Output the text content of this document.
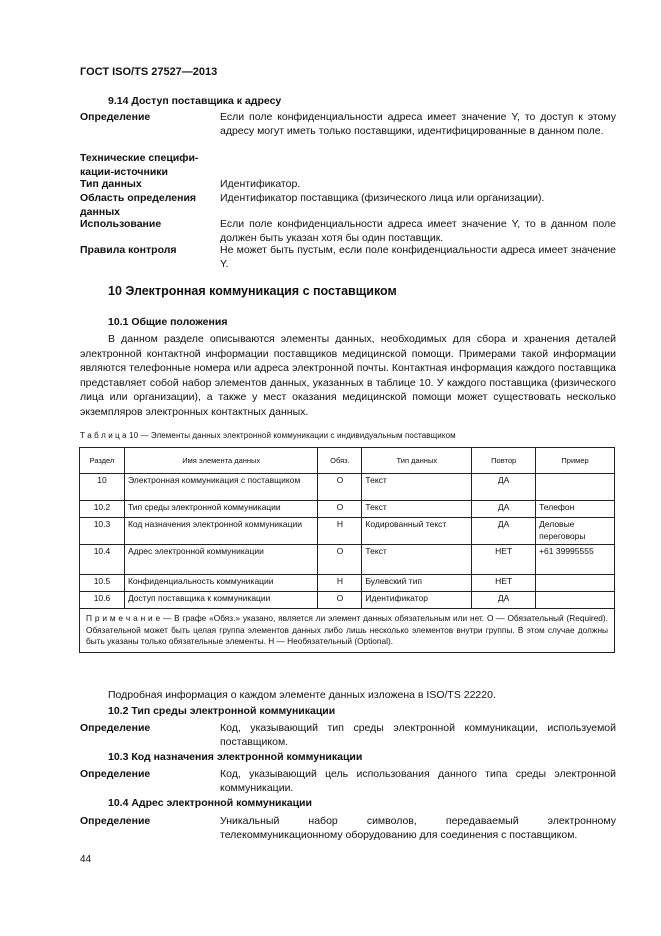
ГОСТ ISO/TS 27527—2013
9.14 Доступ поставщика к адресу
Определение	Если поле конфиденциальности адреса имеет значение Y, то доступ к этому адресу могут иметь только поставщики, идентифицированные в данном поле.
Технические специфи-кации-источники
Тип данных	Идентификатор.
Область определения данных
Идентификатор поставщика (физического лица или организации).
Использование	Если поле конфиденциальности адреса имеет значение Y, то в данном поле должен быть указан хотя бы один поставщик.
Правила контроля	Не может быть пустым, если поле конфиденциальности адреса имеет значение Y.
10 Электронная коммуникация с поставщиком
10.1 Общие положения
В данном разделе описываются элементы данных, необходимых для сбора и хранения деталей электронной контактной информации поставщиков медицинской помощи. Примерами такой информации являются телефонные номера или адреса электронной почты. Контактная информация каждого поставщика представляет собой набор элементов данных, указанных в таблице 10. У каждого поставщика (физического лица или организации), а также у мест оказания медицинской помощи может существовать несколько экземпляров электронных контактных данных.
Т а б л и ц а 10 — Элементы данных электронной коммуникации с индивидуальным поставщиком
Раздел	Имя элемента данных	Обяз.	Тип данных	Повтор	Пример
10	Электронная коммуникация с поставщиком	О	Текст	ДА	
10.2	Тип среды электронной коммуникации	О	Текст	ДА	Телефон
10.3	Код назначения электронной коммуникации	Н	Кодированный текст	ДА	Деловые переговоры
10.4	Адрес электронной коммуникации	О	Текст	НЕТ	+61 39995555
10.5	Конфиденциальность коммуникации	Н	Булевский тип	НЕТ	
10.6	Доступ поставщика к коммуникации	О	Идентификатор	ДА	
П р и м е ч а н и е — В графе «Обяз.» указано, является ли элемент данных обязательным или нет. О — Обязательный (Required). Обязательной может быть целая группа элементов данных либо лишь несколько элементов внутри группы. В этом случае должны быть указаны только обязательные элементы. Н — Необязательный (Optional).					
Подробная информация о каждом элементе данных изложена в ISO/TS 22220.
10.2 Тип среды электронной коммуникации
Определение	Код, указывающий тип среды электронной коммуникации, используемой поставщиком.
10.3 Код назначения электронной коммуникации
Определение	Код, указывающий цель использования данного типа среды электронной коммуникации.
10.4 Адрес электронной коммуникации
Определение	Уникальный набор символов, передаваемый электронному телекоммуникационному оборудованию для соединения с поставщиком.
44
